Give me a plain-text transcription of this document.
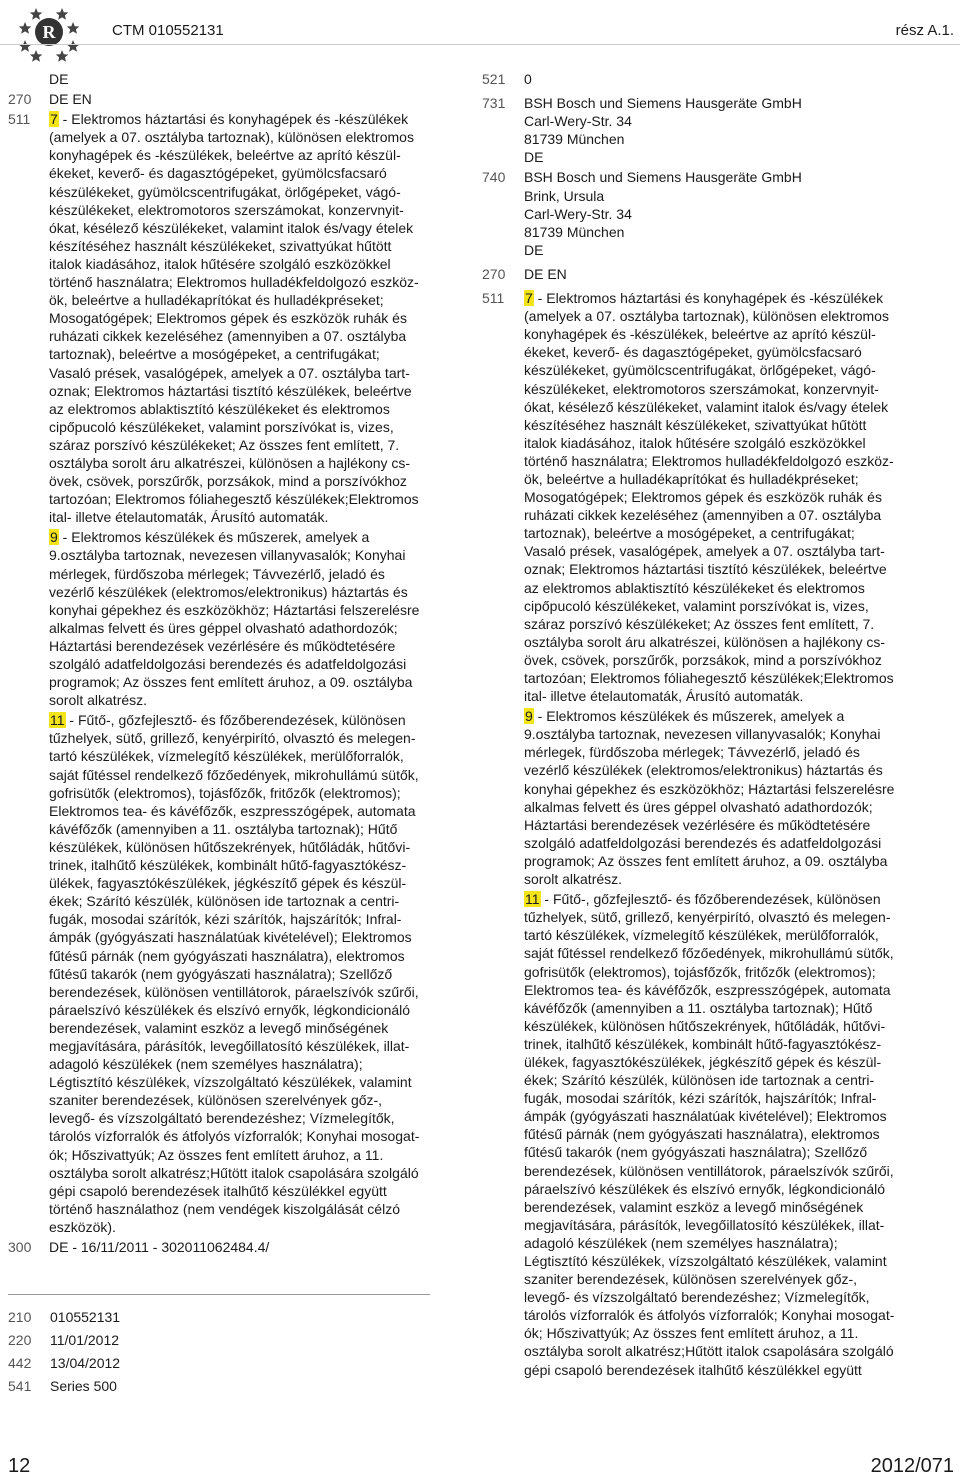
R	CTM 010552131	rész A.1.
DE
270 DE EN
511 7 - Elektromos háztartási és konyhagépek és -készülékek
(amelyek a 07. osztályba tartoznak), különösen elektromos
konyhagépek és -készülékek, beleértve az aprító készül-
ékeket, keverő- és dagasztógépeket, gyümölcsfacsaró
készülékeket, gyümölcscentrifugákat, örlőgépeket, vágó-
készülékeket, elektromotoros szerszámokat, konzervnyit-
ókat, késélező készülékeket, valamint italok és/vagy ételek
készítéséhez használt készülékeket, szivattyúkat hűtött
italok kiadásához, italok hűtésére szolgáló eszközökkel
történő használatra; Elektromos hulladékfeldolgozó eszköz-
ök, beleértve a hulladékaprítókat és hulladékpréseket;
Mosogatógépek; Elektromos gépek és eszközök ruhák és
ruházati cikkek kezeléséhez (amennyiben a 07. osztályba
tartoznak), beleértve a mosógépeket, a centrifugákat;
Vasaló prések, vasalógépek, amelyek a 07. osztályba tart-
oznak; Elektromos háztartási tisztító készülékek, beleértve
az elektromos ablaktisztító készülékeket és elektromos
cipőpucoló készülékeket, valamint porszívókat is, vizes,
száraz porszívó készülékeket; Az összes fent említett, 7.
osztályba sorolt áru alkatrészei, különösen a hajlékony cs-
övek, csövek, porszűrők, porzsákok, mind a porszívókhoz
tartozóan; Elektromos fóliahegesztő készülékek;Elektromos
ital- illetve ételautomaták, Árusító automaták.
9 - Elektromos készülékek és műszerek, amelyek a
9.osztályba tartoznak, nevezesen villanyvasalók; Konyhai
mérlegek, fürdőszoba mérlegek; Távvezérlő, jeladó és
vezérlő készülékek (elektromos/elektronikus) háztartás és
konyhai gépekhez és eszközökhöz; Háztartási felszerelésre
alkalmas felvett és üres géppel olvasható adathordozók;
Háztartási berendezések vezérlésére és működtetésére
szolgáló adatfeldolgozási berendezés és adatfeldolgozási
programok; Az összes fent említett áruhoz, a 09. osztályba
sorolt alkatrész.
11 - Fűtő-, gőzfejlesztő- és főzőberendezések, különösen
tűzhelyek, sütő, grillező, kenyérpirító, olvasztó és melegen-
tartó készülékek, vízmelegítő készülékek, merülőforralók,
saját fűtéssel rendelkező főzőedények, mikrohullámú sütők,
gofrisütők (elektromos), tojásfőzők, fritőzők (elektromos);
Elektromos tea- és kávéfőzők, eszpresszógépek, automata
kávéfőzők (amennyiben a 11. osztályba tartoznak); Hűtő
készülékek, különösen hűtőszekrények, hűtőládák, hűtővi-
trinek, italhűtő készülékek, kombinált hűtő-fagyasztókész-
ülékek, fagyasztókészülékek, jégkészítő gépek és készül-
ékek; Szárító készülék, különösen ide tartoznak a centri-
fugák, mosodai szárítók, kézi szárítók, hajszárítók; Infral-
ámpák (gyógyászati használatúak kivételével); Elektromos
fűtésű párnák (nem gyógyászati használatra), elektromos
fűtésű takarók (nem gyógyászati használatra); Szellőző
berendezések, különösen ventillátorok, páraelszívók szűrői,
páraelszívó készülékek és elszívó ernyők, légkondicionáló
berendezések, valamint eszköz a levegő minőségének
megjavítására, párásítók, levegőillatosító készülékek, illat-
adagoló készülékek (nem személyes használatra);
Légtisztító készülékek, vízszolgáltató készülékek, valamint
szaniter berendezések, különösen szerelvények gőz-,
levegő- és vízszolgáltató berendezéshez; Vízmelegítők,
tárolós vízforralók és átfolyós vízforralók; Konyhai mosogat-
ók; Hőszivattyúk; Az összes fent említett áruhoz, a 11.
osztályba sorolt alkatrész;Hűtött italok csapolására szolgáló
gépi csapoló berendezések italhűtő készülékkel együtt
történő használathoz (nem vendégek kiszolgálását célzó
eszközök).
300 DE - 16/11/2011 - 302011062484.4/
210 010552131
220 11/01/2012
442 13/04/2012
541 Series 500
521 0
731 BSH Bosch und Siemens Hausgeräte GmbH
Carl-Wery-Str. 34
81739 München
DE
740 BSH Bosch und Siemens Hausgeräte GmbH
Brink, Ursula
Carl-Wery-Str. 34
81739 München
DE
270 DE EN
511 7 - Elektromos háztartási és konyhagépek és -készülékek
(amelyek a 07. osztályba tartoznak), különösen elektromos
konyhagépek és -készülékek, beleértve az aprító készül-
ékeket, keverő- és dagasztógépeket, gyümölcsfacsaró
készülékeket, gyümölcscentrifugákat, örlőgépeket, vágó-
készülékeket, elektromotoros szerszámokat, konzervnyit-
ókat, késélező készülékeket, valamint italok és/vagy ételek
készítéséhez használt készülékeket, szivattyúkat hűtött
italok kiadásához, italok hűtésére szolgáló eszközökkel
történő használatra; Elektromos hulladékfeldolgozó eszköz-
ök, beleértve a hulladékaprítókat és hulladékpréseket;
Mosogatógépek; Elektromos gépek és eszközök ruhák és
ruházati cikkek kezeléséhez (amennyiben a 07. osztályba
tartoznak), beleértve a mosógépeket, a centrifugákat;
Vasaló prések, vasalógépek, amelyek a 07. osztályba tart-
oznak; Elektromos háztartási tisztító készülékek, beleértve
az elektromos ablaktisztító készülékeket és elektromos
cipőpucoló készülékeket, valamint porszívókat is, vizes,
száraz porszívó készülékeket; Az összes fent említett, 7.
osztályba sorolt áru alkatrészei, különösen a hajlékony cs-
övek, csövek, porszűrők, porzsákok, mind a porszívókhoz
tartozóan; Elektromos fóliahegesztő készülékek;Elektromos
ital- illetve ételautomaták, Árusító automaták.
9 - Elektromos készülékek és műszerek, amelyek a
9.osztályba tartoznak, nevezesen villanyvasalók; Konyhai
mérlegek, fürdőszoba mérlegek; Távvezérlő, jeladó és
vezérlő készülékek (elektromos/elektronikus) háztartás és
konyhai gépekhez és eszközökhöz; Háztartási felszerelésre
alkalmas felvett és üres géppel olvasható adathordozók;
Háztartási berendezések vezérlésére és működtetésére
szolgáló adatfeldolgozási berendezés és adatfeldolgozási
programok; Az összes fent említett áruhoz, a 09. osztályba
sorolt alkatrész.
11 - Fűtő-, gőzfejlesztő- és főzőberendezések, különösen
tűzhelyek, sütő, grillező, kenyérpirító, olvasztó és melegen-
tartó készülékek, vízmelegítő készülékek, merülőforralók,
saját fűtéssel rendelkező főzőedények, mikrohullámú sütők,
gofrisütők (elektromos), tojásfőzők, fritőzők (elektromos);
Elektromos tea- és kávéfőzők, eszpresszógépek, automata
kávéfőzők (amennyiben a 11. osztályba tartoznak); Hűtő
készülékek, különösen hűtőszekrények, hűtőládák, hűtővi-
trinek, italhűtő készülékek, kombinált hűtő-fagyasztókész-
ülékek, fagyasztókészülékek, jégkészítő gépek és készül-
ékek; Szárító készülék, különösen ide tartoznak a centri-
fugák, mosodai szárítók, kézi szárítók, hajszárítók; Infral-
ámpák (gyógyászati használatúak kivételével); Elektromos
fűtésű párnák (nem gyógyászati használatra), elektromos
fűtésű takarók (nem gyógyászati használatra); Szellőző
berendezések, különösen ventillátorok, páraelszívók szűrői,
páraelszívó készülékek és elszívó ernyők, légkondicionáló
berendezések, valamint eszköz a levegő minőségének
megjavítására, párásítók, levegőillatosító készülékek, illat-
adagoló készülékek (nem személyes használatra);
Légtisztító készülékek, vízszolgáltató készülékek, valamint
szaniter berendezések, különösen szerelvények gőz-,
levegő- és vízszolgáltató berendezéshez; Vízmelegítők,
tárolós vízforralók és átfolyós vízforralók; Konyhai mosogat-
ók; Hőszivattyúk; Az összes fent említett áruhoz, a 11.
osztályba sorolt alkatrész;Hűtött italok csapolására szolgáló
gépi csapoló berendezések italhűtő készülékkel együtt
12	2012/071
